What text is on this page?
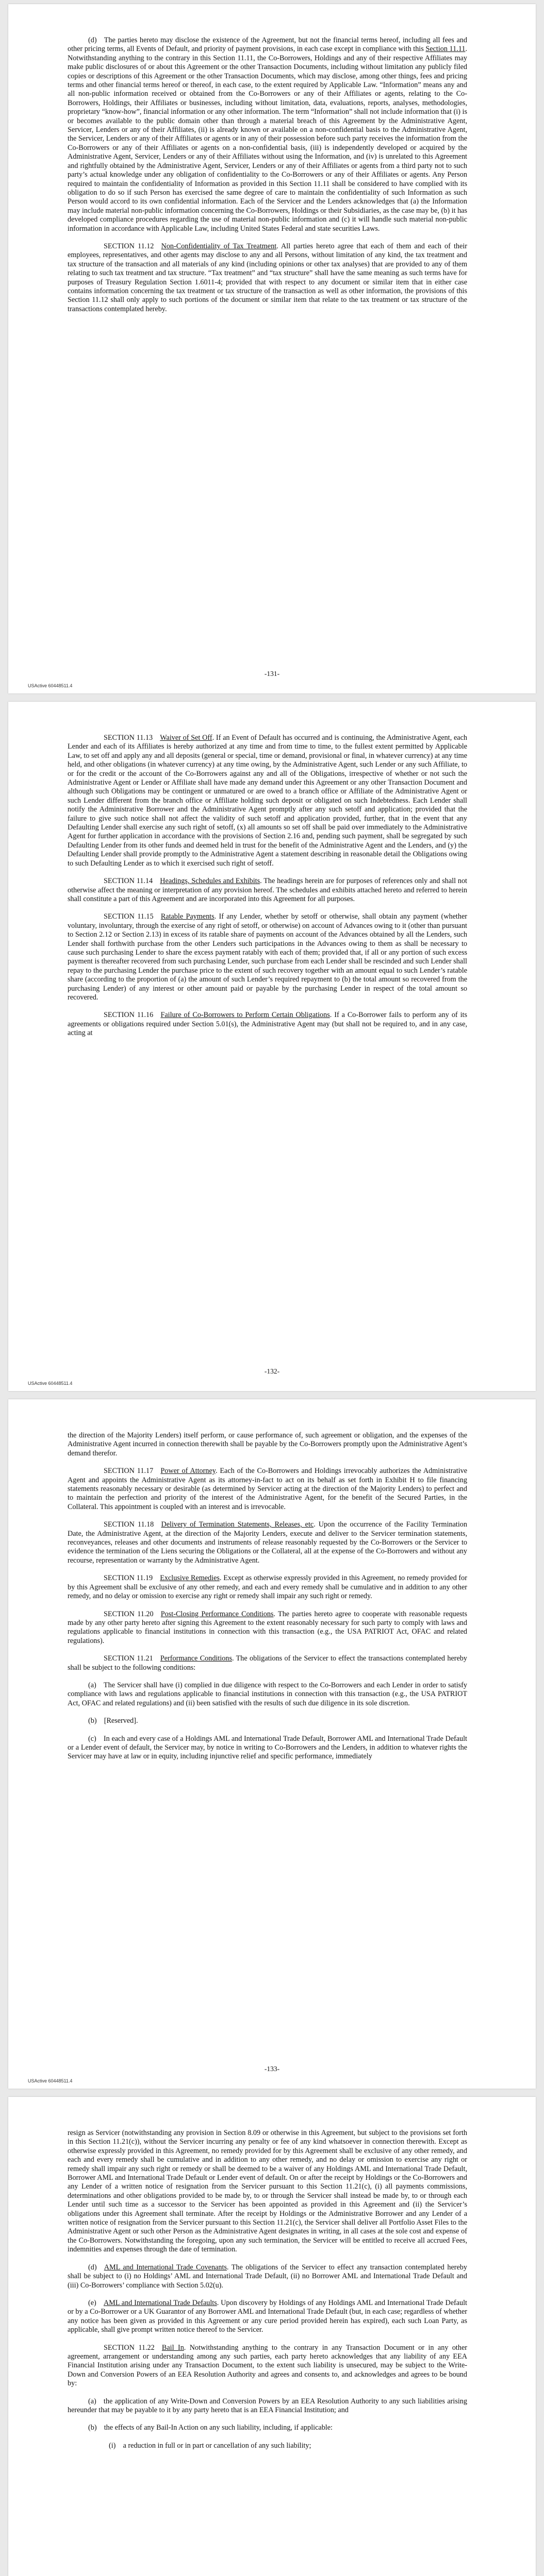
(d) The parties hereto may disclose the existence of the Agreement, but not the financial terms hereof, including all fees and other pricing terms, all Events of Default, and priority of payment provisions, in each case except in compliance with this Section 11.11. Notwithstanding anything to the contrary in this Section 11.11, the Co-Borrowers, Holdings and any of their respective Affiliates may make public disclosures of or about this Agreement or the other Transaction Documents, including without limitation any publicly filed copies or descriptions of this Agreement or the other Transaction Documents, which may disclose, among other things, fees and pricing terms and other financial terms hereof or thereof, in each case, to the extent required by Applicable Law. “Information” means any and all non-public information received or obtained from the Co-Borrowers or any of their Affiliates or agents, relating to the Co-Borrowers, Holdings, their Affiliates or businesses, including without limitation, data, evaluations, reports, analyses, methodologies, proprietary “know-how”, financial information or any other information. The term “Information” shall not include information that (i) is or becomes available to the public domain other than through a material breach of this Agreement by the Administrative Agent, Servicer, Lenders or any of their Affiliates, (ii) is already known or available on a non-confidential basis to the Administrative Agent, the Servicer, Lenders or any of their Affiliates or agents or in any of their possession before such party receives the information from the Co-Borrowers or any of their Affiliates or agents on a non-confidential basis, (iii) is independently developed or acquired by the Administrative Agent, Servicer, Lenders or any of their Affiliates without using the Information, and (iv) is unrelated to this Agreement and rightfully obtained by the Administrative Agent, Servicer, Lenders or any of their Affiliates or agents from a third party not to such party’s actual knowledge under any obligation of confidentiality to the Co-Borrowers or any of their Affiliates or agents. Any Person required to maintain the confidentiality of Information as provided in this Section 11.11 shall be considered to have complied with its obligation to do so if such Person has exercised the same degree of care to maintain the confidentiality of such Information as such Person would accord to its own confidential information. Each of the Servicer and the Lenders acknowledges that (a) the Information may include material non-public information concerning the Co-Borrowers, Holdings or their Subsidiaries, as the case may be, (b) it has developed compliance procedures regarding the use of material non-public information and (c) it will handle such material non-public information in accordance with Applicable Law, including United States Federal and state securities Laws.

SECTION 11.12 Non-Confidentiality of Tax Treatment. All parties hereto agree that each of them and each of their employees, representatives, and other agents may disclose to any and all Persons, without limitation of any kind, the tax treatment and tax structure of the transaction and all materials of any kind (including opinions or other tax analyses) that are provided to any of them relating to such tax treatment and tax structure. “Tax treatment” and “tax structure” shall have the same meaning as such terms have for purposes of Treasury Regulation Section 1.6011-4; provided that with respect to any document or similar item that in either case contains information concerning the tax treatment or tax structure of the transaction as well as other information, the provisions of this Section 11.12 shall only apply to such portions of the document or similar item that relate to the tax treatment or tax structure of the transactions contemplated hereby.

-131-
USActive 60448511.4

SECTION 11.13 Waiver of Set Off. If an Event of Default has occurred and is continuing, the Administrative Agent, each Lender and each of its Affiliates is hereby authorized at any time and from time to time, to the fullest extent permitted by Applicable Law, to set off and apply any and all deposits (general or special, time or demand, provisional or final, in whatever currency) at any time held, and other obligations (in whatever currency) at any time owing, by the Administrative Agent, such Lender or any such Affiliate, to or for the credit or the account of the Co-Borrowers against any and all of the Obligations, irrespective of whether or not such the Administrative Agent or Lender or Affiliate shall have made any demand under this Agreement or any other Transaction Document and although such Obligations may be contingent or unmatured or are owed to a branch office or Affiliate of the Administrative Agent or such Lender different from the branch office or Affiliate holding such deposit or obligated on such Indebtedness. Each Lender shall notify the Administrative Borrower and the Administrative Agent promptly after any such setoff and application; provided that the failure to give such notice shall not affect the validity of such setoff and application provided, further, that in the event that any Defaulting Lender shall exercise any such right of setoff, (x) all amounts so set off shall be paid over immediately to the Administrative Agent for further application in accordance with the provisions of Section 2.16 and, pending such payment, shall be segregated by such Defaulting Lender from its other funds and deemed held in trust for the benefit of the Administrative Agent and the Lenders, and (y) the Defaulting Lender shall provide promptly to the Administrative Agent a statement describing in reasonable detail the Obligations owing to such Defaulting Lender as to which it exercised such right of setoff.

SECTION 11.14 Headings, Schedules and Exhibits. The headings herein are for purposes of references only and shall not otherwise affect the meaning or interpretation of any provision hereof. The schedules and exhibits attached hereto and referred to herein shall constitute a part of this Agreement and are incorporated into this Agreement for all purposes.

SECTION 11.15 Ratable Payments. If any Lender, whether by setoff or otherwise, shall obtain any payment (whether voluntary, involuntary, through the exercise of any right of setoff, or otherwise) on account of Advances owing to it (other than pursuant to Section 2.12 or Section 2.13) in excess of its ratable share of payments on account of the Advances obtained by all the Lenders, such Lender shall forthwith purchase from the other Lenders such participations in the Advances owing to them as shall be necessary to cause such purchasing Lender to share the excess payment ratably with each of them; provided that, if all or any portion of such excess payment is thereafter recovered from such purchasing Lender, such purchase from each Lender shall be rescinded and such Lender shall repay to the purchasing Lender the purchase price to the extent of such recovery together with an amount equal to such Lender’s ratable share (according to the proportion of (a) the amount of such Lender’s required repayment to (b) the total amount so recovered from the purchasing Lender) of any interest or other amount paid or payable by the purchasing Lender in respect of the total amount so recovered.

SECTION 11.16 Failure of Co-Borrowers to Perform Certain Obligations. If a Co-Borrower fails to perform any of its agreements or obligations required under Section 5.01(s), the Administrative Agent may (but shall not be required to, and in any case, acting at

-132-
USActive 60448511.4

the direction of the Majority Lenders) itself perform, or cause performance of, such agreement or obligation, and the expenses of the Administrative Agent incurred in connection therewith shall be payable by the Co-Borrowers promptly upon the Administrative Agent’s demand therefor.

SECTION 11.17 Power of Attorney. Each of the Co-Borrowers and Holdings irrevocably authorizes the Administrative Agent and appoints the Administrative Agent as its attorney-in-fact to act on its behalf as set forth in Exhibit H to file financing statements reasonably necessary or desirable (as determined by Servicer acting at the direction of the Majority Lenders) to perfect and to maintain the perfection and priority of the interest of the Administrative Agent, for the benefit of the Secured Parties, in the Collateral. This appointment is coupled with an interest and is irrevocable.

SECTION 11.18 Delivery of Termination Statements, Releases, etc. Upon the occurrence of the Facility Termination Date, the Administrative Agent, at the direction of the Majority Lenders, execute and deliver to the Servicer termination statements, reconveyances, releases and other documents and instruments of release reasonably requested by the Co-Borrowers or the Servicer to evidence the termination of the Liens securing the Obligations or the Collateral, all at the expense of the Co-Borrowers and without any recourse, representation or warranty by the Administrative Agent.

SECTION 11.19 Exclusive Remedies. Except as otherwise expressly provided in this Agreement, no remedy provided for by this Agreement shall be exclusive of any other remedy, and each and every remedy shall be cumulative and in addition to any other remedy, and no delay or omission to exercise any right or remedy shall impair any such right or remedy.

SECTION 11.20 Post-Closing Performance Conditions. The parties hereto agree to cooperate with reasonable requests made by any other party hereto after signing this Agreement to the extent reasonably necessary for such party to comply with laws and regulations applicable to financial institutions in connection with this transaction (e.g., the USA PATRIOT Act, OFAC and related regulations).

SECTION 11.21 Performance Conditions. The obligations of the Servicer to effect the transactions contemplated hereby shall be subject to the following conditions:

(a) The Servicer shall have (i) complied in due diligence with respect to the Co-Borrowers and each Lender in order to satisfy compliance with laws and regulations applicable to financial institutions in connection with this transaction (e.g., the USA PATRIOT Act, OFAC and related regulations) and (ii) been satisfied with the results of such due diligence in its sole discretion.

(b) [Reserved].

(c) In each and every case of a Holdings AML and International Trade Default, Borrower AML and International Trade Default or a Lender event of default, the Servicer may, by notice in writing to Co-Borrowers and the Lenders, in addition to whatever rights the Servicer may have at law or in equity, including injunctive relief and specific performance, immediately

-133-
USActive 60448511.4

resign as Servicer (notwithstanding any provision in Section 8.09 or otherwise in this Agreement, but subject to the provisions set forth in this Section 11.21(c)), without the Servicer incurring any penalty or fee of any kind whatsoever in connection therewith. Except as otherwise expressly provided in this Agreement, no remedy provided for by this Agreement shall be exclusive of any other remedy, and each and every remedy shall be cumulative and in addition to any other remedy, and no delay or omission to exercise any right or remedy shall impair any such right or remedy or shall be deemed to be a waiver of any Holdings AML and International Trade Default, Borrower AML and International Trade Default or Lender event of default. On or after the receipt by Holdings or the Co-Borrowers and any Lender of a written notice of resignation from the Servicer pursuant to this Section 11.21(c), (i) all payments commissions, determinations and other obligations provided to be made by, to or through the Servicer shall instead be made by, to or through each Lender until such time as a successor to the Servicer has been appointed as provided in this Agreement and (ii) the Servicer’s obligations under this Agreement shall terminate. After the receipt by Holdings or the Administrative Borrower and any Lender of a written notice of resignation from the Servicer pursuant to this Section 11.21(c), the Servicer shall deliver all Portfolio Asset Files to the Administrative Agent or such other Person as the Administrative Agent designates in writing, in all cases at the sole cost and expense of the Co-Borrowers. Notwithstanding the foregoing, upon any such termination, the Servicer will be entitled to receive all accrued Fees, indemnities and expenses through the date of termination.

(d) AML and International Trade Covenants. The obligations of the Servicer to effect any transaction contemplated hereby shall be subject to (i) no Holdings’ AML and International Trade Default, (ii) no Borrower AML and International Trade Default and (iii) Co-Borrowers’ compliance with Section 5.02(u).

(e) AML and International Trade Defaults. Upon discovery by Holdings of any Holdings AML and International Trade Default or by a Co-Borrower or a UK Guarantor of any Borrower AML and International Trade Default (but, in each case; regardless of whether any notice has been given as provided in this Agreement or any cure period provided herein has expired), each such Loan Party, as applicable, shall give prompt written notice thereof to the Servicer.

SECTION 11.22 Bail In. Notwithstanding anything to the contrary in any Transaction Document or in any other agreement, arrangement or understanding among any such parties, each party hereto acknowledges that any liability of any EEA Financial Institution arising under any Transaction Document, to the extent such liability is unsecured, may be subject to the Write-Down and Conversion Powers of an EEA Resolution Authority and agrees and consents to, and acknowledges and agrees to be bound by:

(a) the application of any Write-Down and Conversion Powers by an EEA Resolution Authority to any such liabilities arising hereunder that may be payable to it by any party hereto that is an EEA Financial Institution; and

(b) the effects of any Bail-In Action on any such liability, including, if applicable:

(i) a reduction in full or in part or cancellation of any such liability;
